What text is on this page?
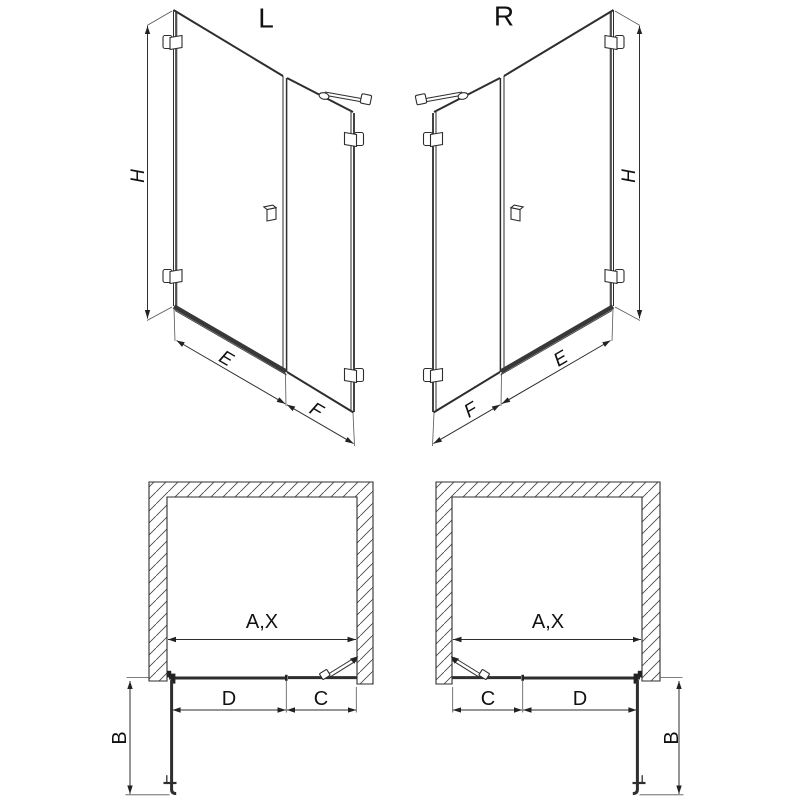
L	R
H	H
E
F
E
F
A,X	A,X
D	C	C	D
B	B
